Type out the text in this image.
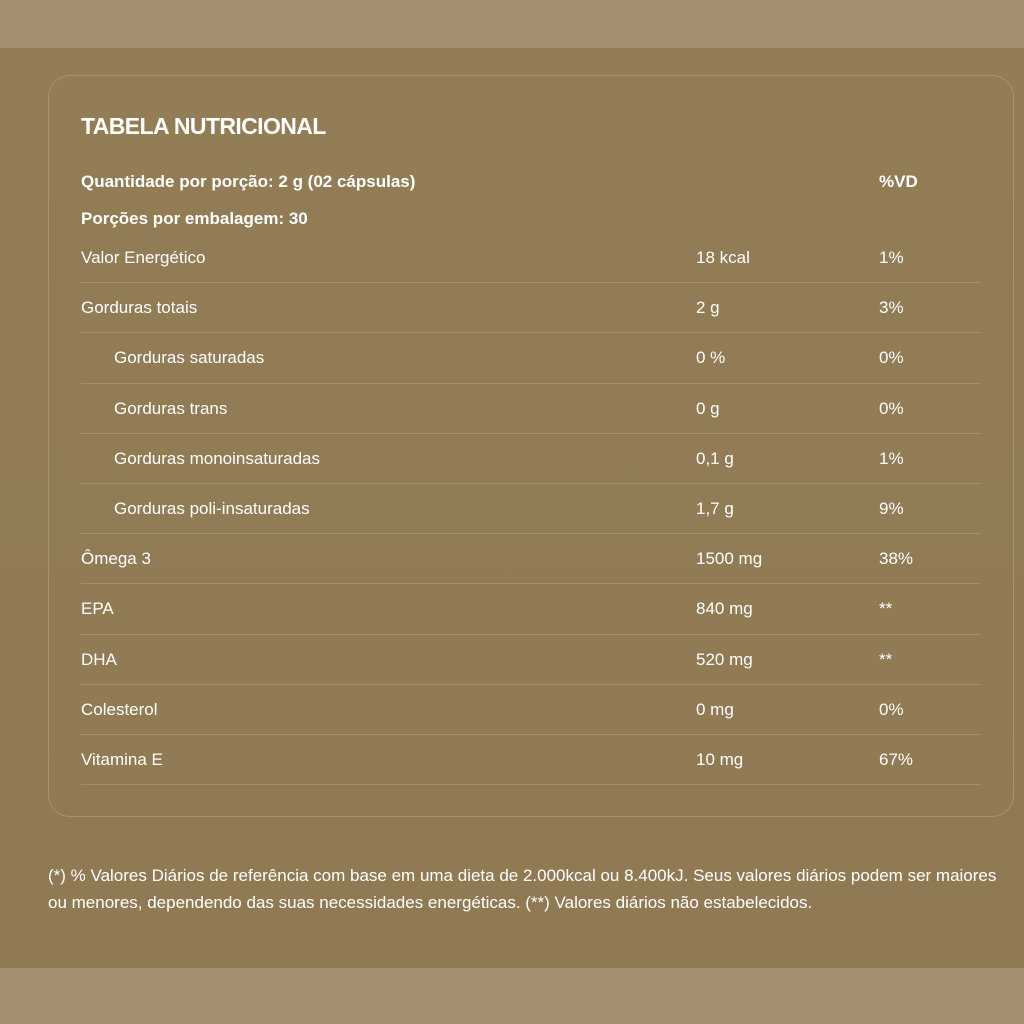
TABELA NUTRICIONAL
Quantidade por porção: 2 g (02 cápsulas)	%VD
Porções por embalagem: 30
Valor Energético	18 kcal	1%
Gorduras totais	2 g	3%
Gorduras saturadas	0 %	0%
Gorduras trans	0 g	0%
Gorduras monoinsaturadas	0,1 g	1%
Gorduras poli-insaturadas	1,7 g	9%
Ômega 3	1500 mg	38%
EPA	840 mg	**
DHA	520 mg	**
Colesterol	0 mg	0%
Vitamina E	10 mg	67%

(*) % Valores Diários de referência com base em uma dieta de 2.000kcal ou 8.400kJ. Seus valores diários podem ser maiores ou menores, dependendo das suas necessidades energéticas. (**) Valores diários não estabelecidos.
